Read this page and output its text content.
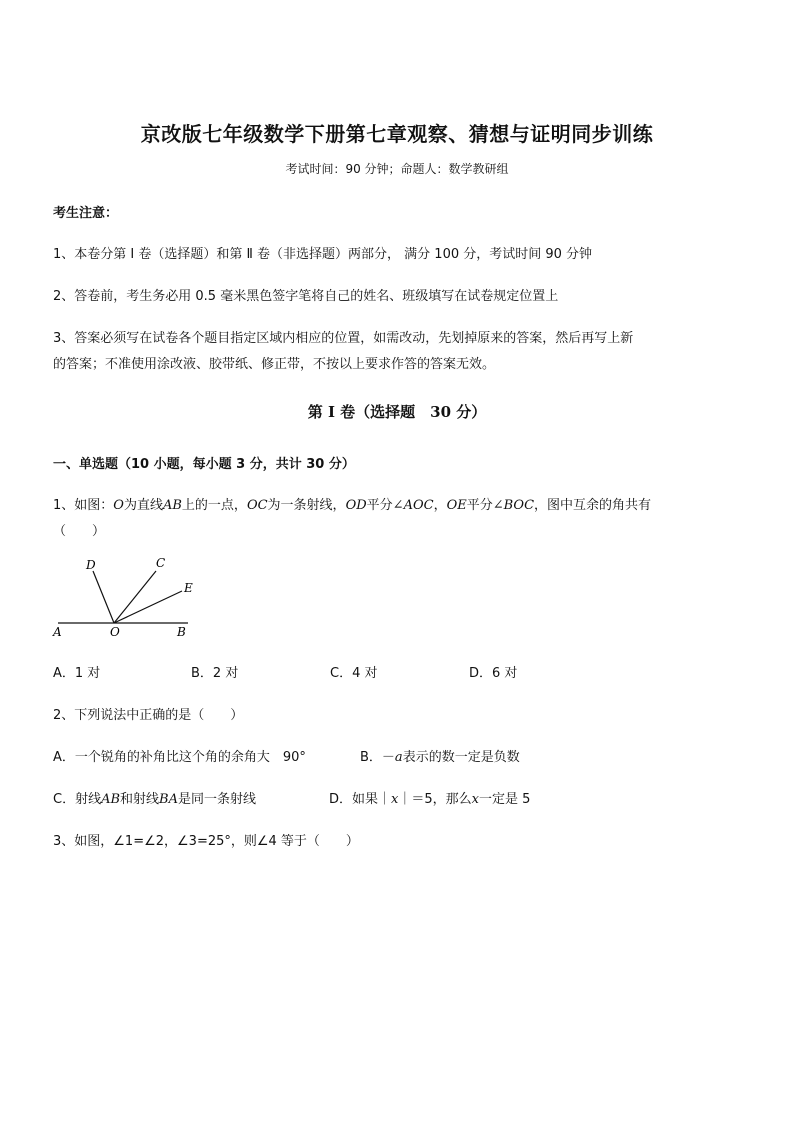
京改版七年级数学下册第七章观察、猜想与证明同步训练
考试时间：90 分钟；命题人：数学教研组
考生注意：
1、本卷分第 Ⅰ 卷（选择题）和第 Ⅱ 卷（非选择题）两部分， 满分 100 分，考试时间 90 分钟
2、答卷前，考生务必用 0.5 毫米黑色签字笔将自己的姓名、班级填写在试卷规定位置上
3、答案必须写在试卷各个题目指定区域内相应的位置，如需改动，先划掉原来的答案，然后再写上新
的答案；不准使用涂改液、胶带纸、修正带，不按以上要求作答的答案无效。
第 Ⅰ 卷（选择题　30 分）
一、单选题（10 小题，每小题 3 分，共计 30 分）
1、如图：O为直线AB上的一点，OC为一条射线，OD平分∠AOC，OE平分∠BOC，图中互余的角共有
（　　）
D	C
E
A	O	B
A．1 对	B．2 对	C．4 对	D．6 对
2、下列说法中正确的是（　　）
A．一个锐角的补角比这个角的余角大　90°	B．－a表示的数一定是负数
C．射线AB和射线BA是同一条射线	D．如果｜x｜＝5，那么x一定是 5
3、如图，∠1=∠2，∠3=25°，则∠4 等于（　　）
